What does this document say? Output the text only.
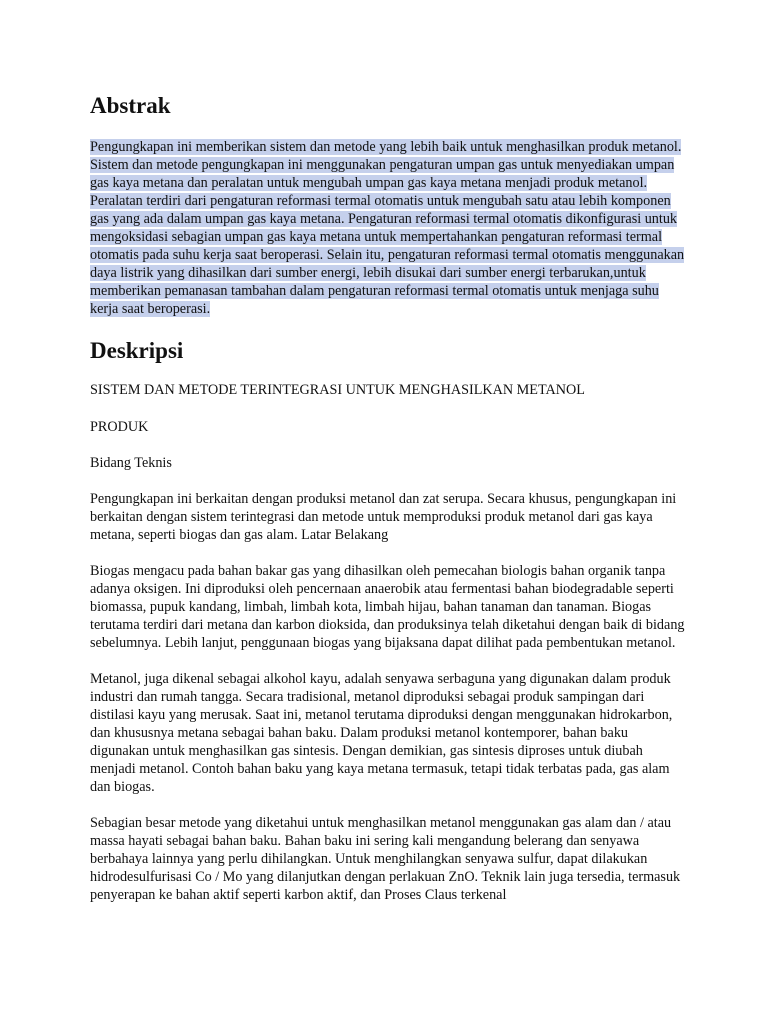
Abstrak

Pengungkapan ini memberikan sistem dan metode yang lebih baik untuk menghasilkan produk metanol. Sistem dan metode pengungkapan ini menggunakan pengaturan umpan gas untuk menyediakan umpan gas kaya metana dan peralatan untuk mengubah umpan gas kaya metana menjadi produk metanol. Peralatan terdiri dari pengaturan reformasi termal otomatis untuk mengubah satu atau lebih komponen gas yang ada dalam umpan gas kaya metana. Pengaturan reformasi termal otomatis dikonfigurasi untuk mengoksidasi sebagian umpan gas kaya metana untuk mempertahankan pengaturan reformasi termal otomatis pada suhu kerja saat beroperasi. Selain itu, pengaturan reformasi termal otomatis menggunakan daya listrik yang dihasilkan dari sumber energi, lebih disukai dari sumber energi terbarukan,untuk memberikan pemanasan tambahan dalam pengaturan reformasi termal otomatis untuk menjaga suhu kerja saat beroperasi.

Deskripsi

SISTEM DAN METODE TERINTEGRASI UNTUK MENGHASILKAN METANOL

PRODUK

Bidang Teknis

Pengungkapan ini berkaitan dengan produksi metanol dan zat serupa. Secara khusus, pengungkapan ini berkaitan dengan sistem terintegrasi dan metode untuk memproduksi produk metanol dari gas kaya metana, seperti biogas dan gas alam. Latar Belakang

Biogas mengacu pada bahan bakar gas yang dihasilkan oleh pemecahan biologis bahan organik tanpa adanya oksigen. Ini diproduksi oleh pencernaan anaerobik atau fermentasi bahan biodegradable seperti biomassa, pupuk kandang, limbah, limbah kota, limbah hijau, bahan tanaman dan tanaman. Biogas terutama terdiri dari metana dan karbon dioksida, dan produksinya telah diketahui dengan baik di bidang sebelumnya. Lebih lanjut, penggunaan biogas yang bijaksana dapat dilihat pada pembentukan metanol.

Metanol, juga dikenal sebagai alkohol kayu, adalah senyawa serbaguna yang digunakan dalam produk industri dan rumah tangga. Secara tradisional, metanol diproduksi sebagai produk sampingan dari distilasi kayu yang merusak. Saat ini, metanol terutama diproduksi dengan menggunakan hidrokarbon, dan khususnya metana sebagai bahan baku. Dalam produksi metanol kontemporer, bahan baku digunakan untuk menghasilkan gas sintesis. Dengan demikian, gas sintesis diproses untuk diubah menjadi metanol. Contoh bahan baku yang kaya metana termasuk, tetapi tidak terbatas pada, gas alam dan biogas.

Sebagian besar metode yang diketahui untuk menghasilkan metanol menggunakan gas alam dan / atau massa hayati sebagai bahan baku. Bahan baku ini sering kali mengandung belerang dan senyawa berbahaya lainnya yang perlu dihilangkan. Untuk menghilangkan senyawa sulfur, dapat dilakukan hidrodesulfurisasi Co / Mo yang dilanjutkan dengan perlakuan ZnO. Teknik lain juga tersedia, termasuk penyerapan ke bahan aktif seperti karbon aktif, dan Proses Claus terkenal
